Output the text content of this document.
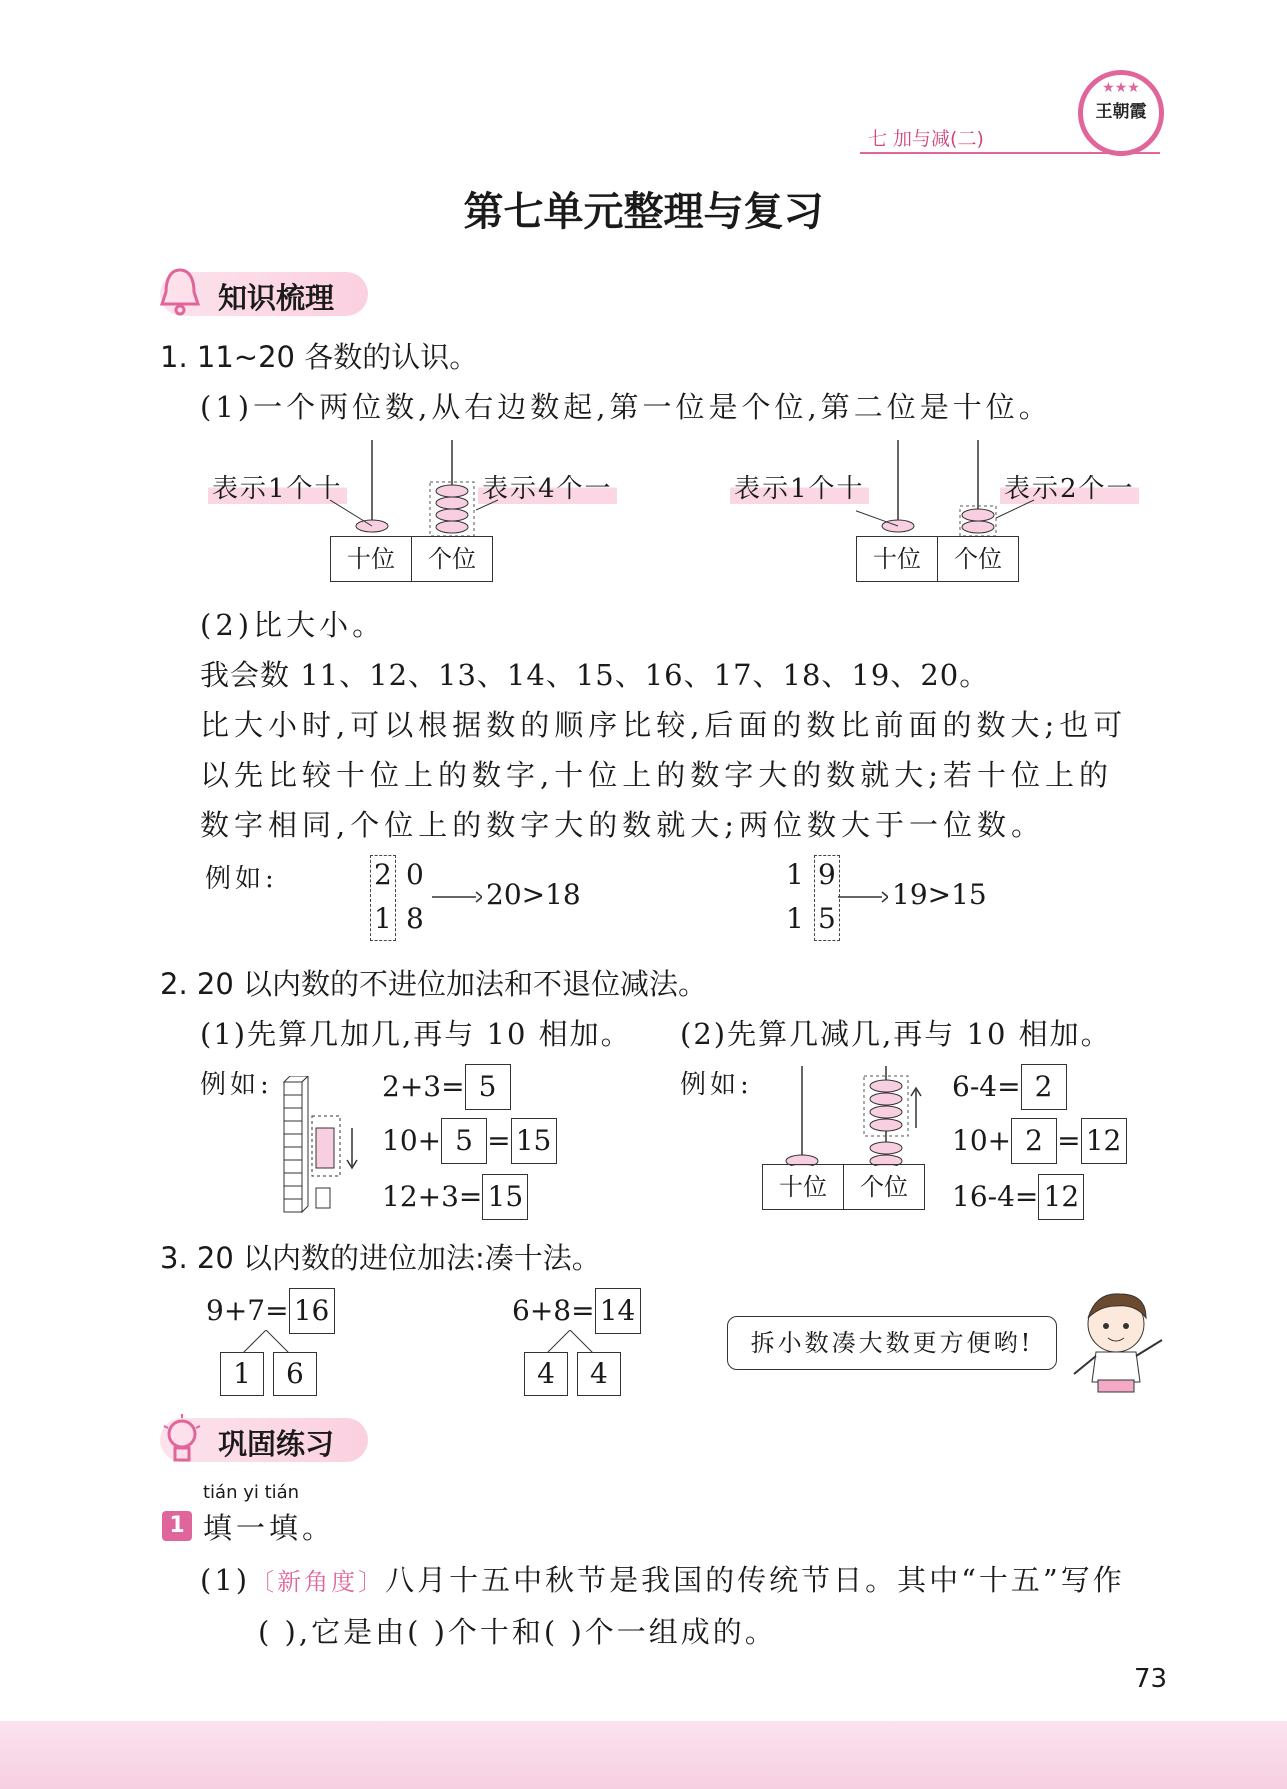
七 加与减(二)
★★★
王朝霞
第七单元整理与复习
知识梳理
1. 11~20 各数的认识。
(1)一个两位数,从右边数起,第一位是个位,第二位是十位。
表示1个十	表示4个一
十位	个位
表示1个十	表示2个一
十位	个位
(2)比大小。
我会数 11、12、13、14、15、16、17、18、19、20。
比大小时,可以根据数的顺序比较,后面的数比前面的数大;也可
以先比较十位上的数字,十位上的数字大的数就大;若十位上的
数字相同,个位上的数字大的数就大;两位数大于一位数。
例如:	2 0
1 8
20>18
1 9
1 5
19>15
2. 20 以内数的不进位加法和不退位减法。
(1)先算几加几,再与 10 相加。 (2)先算几减几,再与 10 相加。
例如:	例如:
2+3= 5
10+ 5 = 15
12+3= 15	十位	个位
6-4= 2
10+ 2 = 12
16-4= 12
3. 20 以内数的进位加法:凑十法。
9+7= 16
1 6
6+8= 14
4 4
拆小数凑大数更方便哟!
巩固练习
tián yi tián
1 填一填。
(1)〔新角度〕八月十五中秋节是我国的传统节日。其中“十五”写作
( ),它是由( )个十和( )个一组成的。
73
